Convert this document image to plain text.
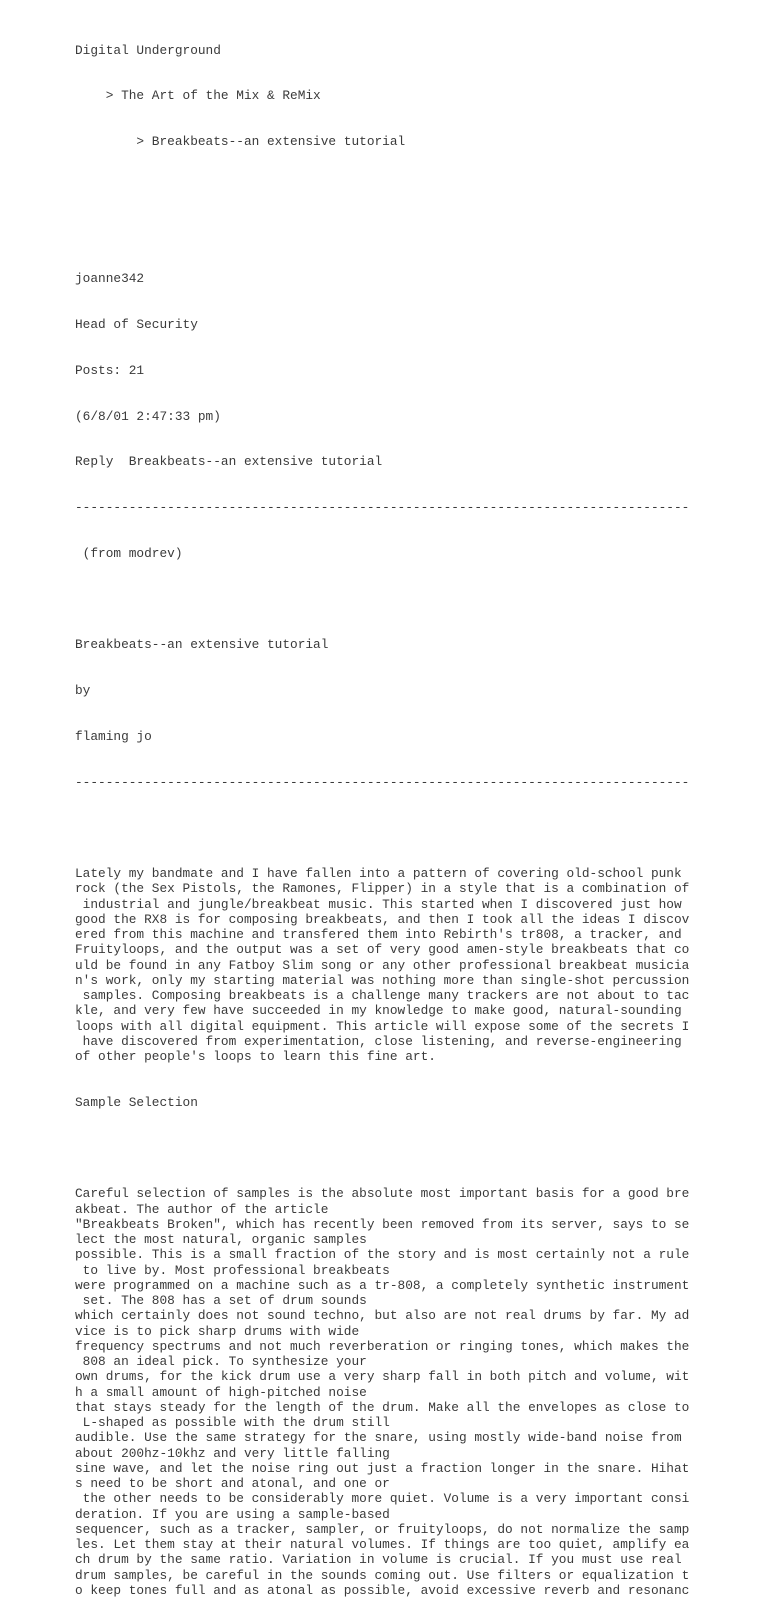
Digital Underground

> The Art of the Mix & ReMix

> Breakbeats--an extensive tutorial

joanne342

Head of Security

Posts: 21

(6/8/01 2:47:33 pm)

Reply  Breakbeats--an extensive tutorial

--------------------------------------------------------------------------------

(from modrev)

Breakbeats--an extensive tutorial

by

flaming jo

--------------------------------------------------------------------------------

Lately my bandmate and I have fallen into a pattern of covering old-school punk
rock (the Sex Pistols, the Ramones, Flipper) in a style that is a combination of
industrial and jungle/breakbeat music. This started when I discovered just how
good the RX8 is for composing breakbeats, and then I took all the ideas I discov
ered from this machine and transfered them into Rebirth's tr808, a tracker, and
Fruityloops, and the output was a set of very good amen-style breakbeats that co
uld be found in any Fatboy Slim song or any other professional breakbeat musicia
n's work, only my starting material was nothing more than single-shot percussion
samples. Composing breakbeats is a challenge many trackers are not about to tac
kle, and very few have succeeded in my knowledge to make good, natural-sounding
loops with all digital equipment. This article will expose some of the secrets I
have discovered from experimentation, close listening, and reverse-engineering
of other people's loops to learn this fine art.

Sample Selection

Careful selection of samples is the absolute most important basis for a good bre
akbeat. The author of the article
"Breakbeats Broken", which has recently been removed from its server, says to se
lect the most natural, organic samples
possible. This is a small fraction of the story and is most certainly not a rule
to live by. Most professional breakbeats
were programmed on a machine such as a tr-808, a completely synthetic instrument
set. The 808 has a set of drum sounds
which certainly does not sound techno, but also are not real drums by far. My ad
vice is to pick sharp drums with wide
frequency spectrums and not much reverberation or ringing tones, which makes the
808 an ideal pick. To synthesize your
own drums, for the kick drum use a very sharp fall in both pitch and volume, wit
h a small amount of high-pitched noise
that stays steady for the length of the drum. Make all the envelopes as close to
L-shaped as possible with the drum still
audible. Use the same strategy for the snare, using mostly wide-band noise from
about 200hz-10khz and very little falling
sine wave, and let the noise ring out just a fraction longer in the snare. Hihat
s need to be short and atonal, and one or
the other needs to be considerably more quiet. Volume is a very important consi
deration. If you are using a sample-based
sequencer, such as a tracker, sampler, or fruityloops, do not normalize the samp
les. Let them stay at their natural volumes. If things are too quiet, amplify ea
ch drum by the same ratio. Variation in volume is crucial. If you must use real
drum samples, be careful in the sounds coming out. Use filters or equalization t
o keep tones full and as atonal as possible, avoid excessive reverb and resonanc
